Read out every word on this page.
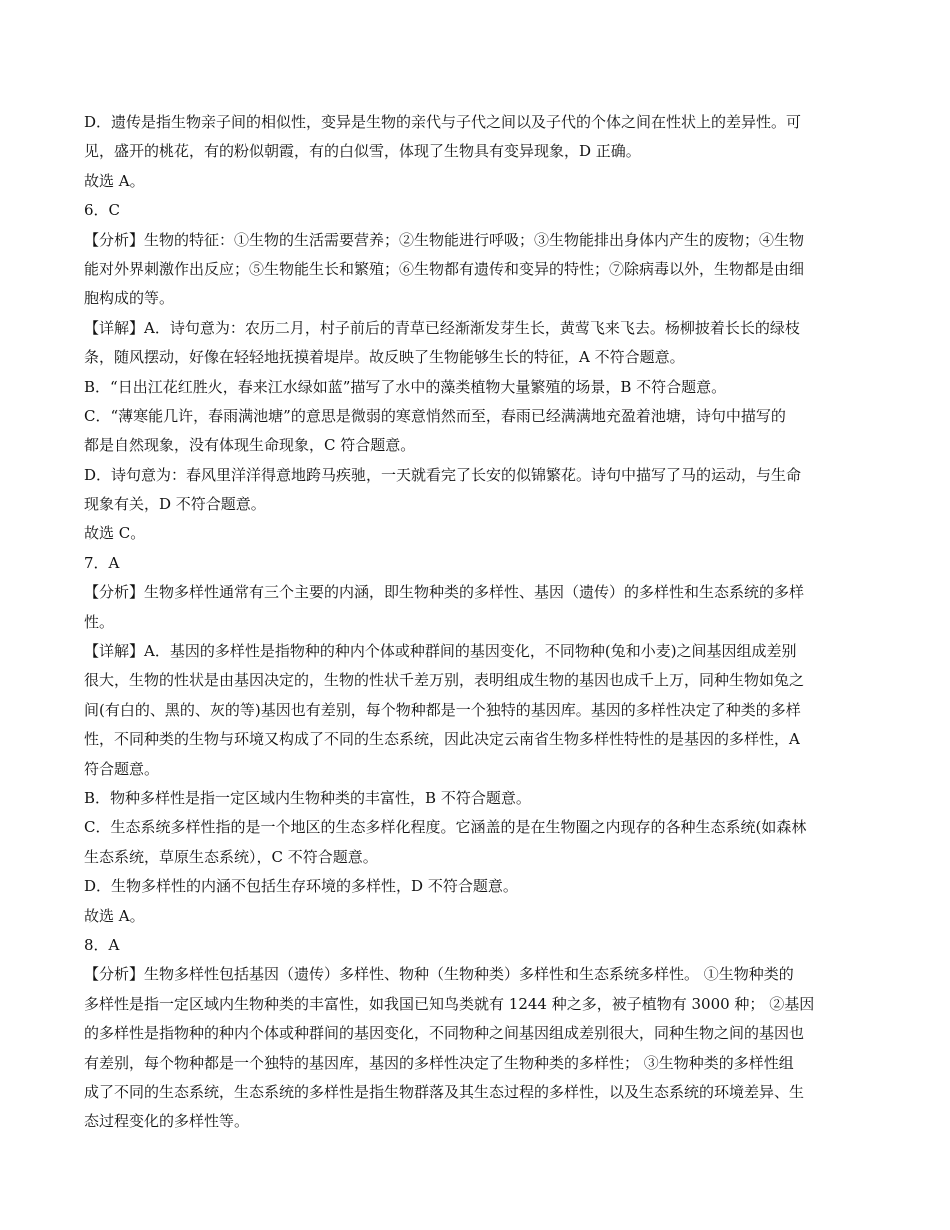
D．遗传是指生物亲子间的相似性，变异是生物的亲代与子代之间以及子代的个体之间在性状上的差异性。可
见，盛开的桃花，有的粉似朝霞，有的白似雪，体现了生物具有变异现象，D 正确。
故选 A。
6．C
【分析】生物的特征：①生物的生活需要营养；②生物能进行呼吸；③生物能排出身体内产生的废物；④生物
能对外界刺激作出反应；⑤生物能生长和繁殖；⑥生物都有遗传和变异的特性；⑦除病毒以外，生物都是由细
胞构成的等。
【详解】A．诗句意为：农历二月，村子前后的青草已经渐渐发芽生长，黄莺飞来飞去。杨柳披着长长的绿枝
条，随风摆动，好像在轻轻地抚摸着堤岸。故反映了生物能够生长的特征，A 不符合题意。
B．“日出江花红胜火，春来江水绿如蓝”描写了水中的藻类植物大量繁殖的场景，B 不符合题意。
C．“薄寒能几许，春雨满池塘”的意思是微弱的寒意悄然而至，春雨已经满满地充盈着池塘，诗句中描写的
都是自然现象，没有体现生命现象，C 符合题意。
D．诗句意为：春风里洋洋得意地跨马疾驰，一天就看完了长安的似锦繁花。诗句中描写了马的运动，与生命
现象有关，D 不符合题意。
故选 C。
7．A
【分析】生物多样性通常有三个主要的内涵，即生物种类的多样性、基因（遗传）的多样性和生态系统的多样
性。
【详解】A．基因的多样性是指物种的种内个体或种群间的基因变化，不同物种(兔和小麦)之间基因组成差别
很大，生物的性状是由基因决定的，生物的性状千差万别，表明组成生物的基因也成千上万，同种生物如兔之
间(有白的、黑的、灰的等)基因也有差别，每个物种都是一个独特的基因库。基因的多样性决定了种类的多样
性，不同种类的生物与环境又构成了不同的生态系统，因此决定云南省生物多样性特性的是基因的多样性，A
符合题意。
B．物种多样性是指一定区域内生物种类的丰富性，B 不符合题意。
C．生态系统多样性指的是一个地区的生态多样化程度。它涵盖的是在生物圈之内现存的各种生态系统(如森林
生态系统，草原生态系统），C 不符合题意。
D．生物多样性的内涵不包括生存环境的多样性，D 不符合题意。
故选 A。
8．A
【分析】生物多样性包括基因（遗传）多样性、物种（生物种类）多样性和生态系统多样性。 ①生物种类的
多样性是指一定区域内生物种类的丰富性，如我国已知鸟类就有 1244 种之多，被子植物有 3000 种； ②基因
的多样性是指物种的种内个体或种群间的基因变化，不同物种之间基因组成差别很大，同种生物之间的基因也
有差别，每个物种都是一个独特的基因库，基因的多样性决定了生物种类的多样性； ③生物种类的多样性组
成了不同的生态系统，生态系统的多样性是指生物群落及其生态过程的多样性，以及生态系统的环境差异、生
态过程变化的多样性等。
